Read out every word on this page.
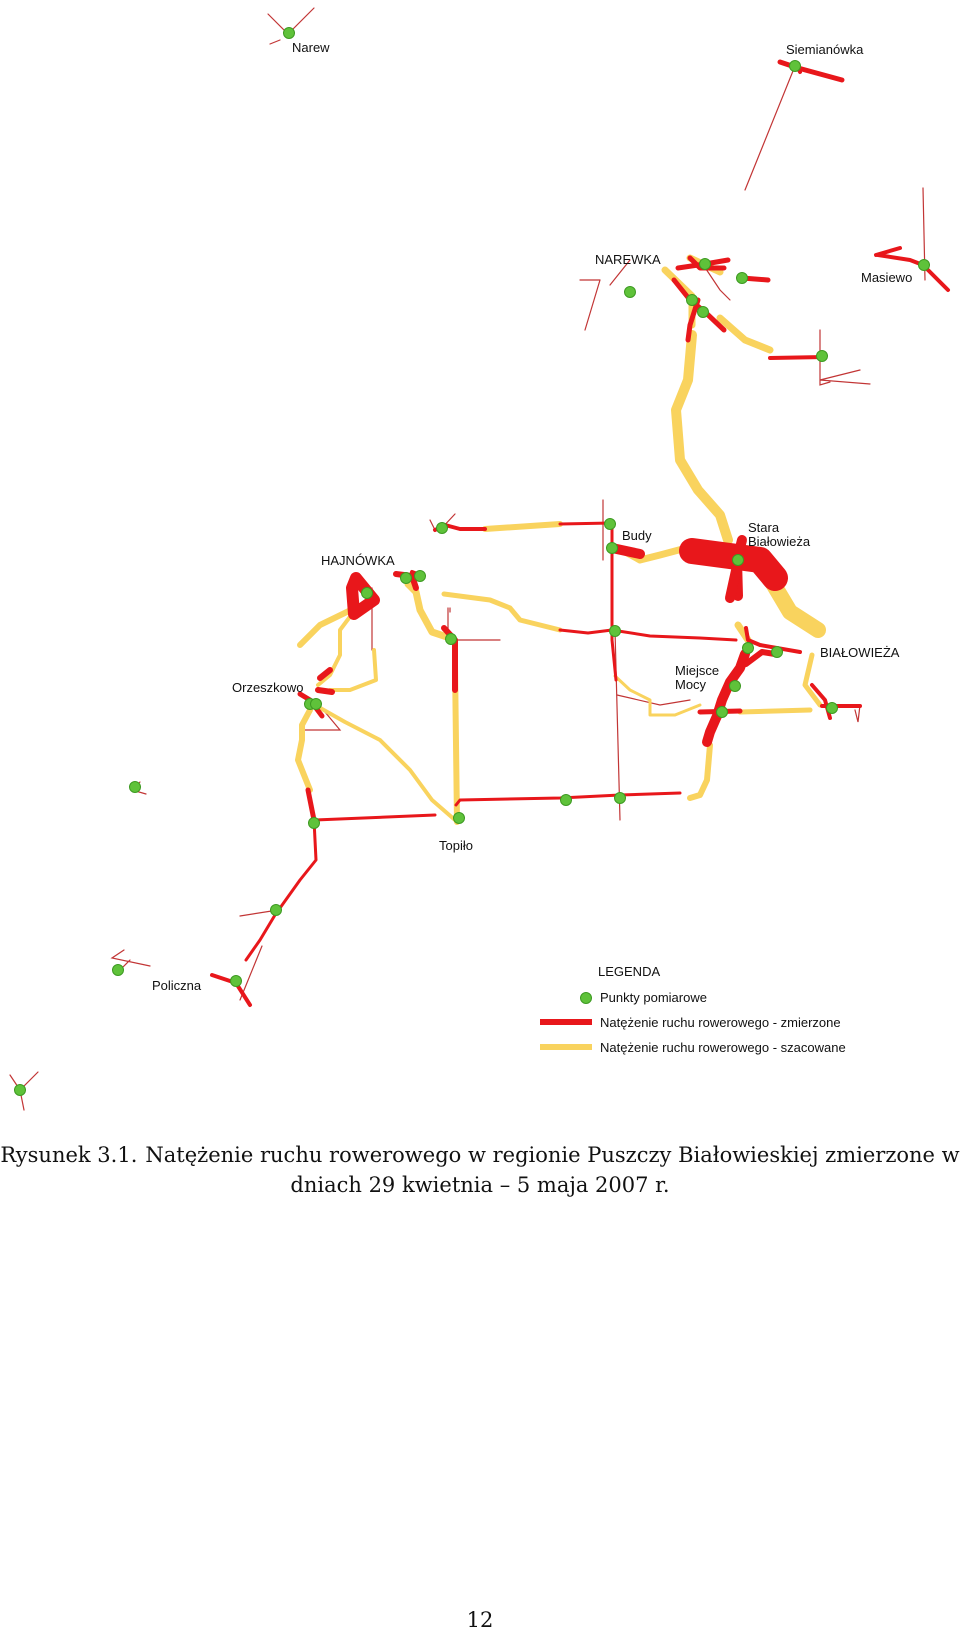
Narew	Siemianówka
NAREWKA
Masiewo
Budy
Stara
Białowieża
HAJNÓWKA
Orzeszkowo
BIAŁOWIEŻA
Miejsce
Mocy
Topiło
Policzna
LEGENDA
Punkty pomiarowe
Natężenie ruchu rowerowego - zmierzone
Natężenie ruchu rowerowego - szacowane
Rysunek 3.1. Natężenie ruchu rowerowego w regionie Puszczy Białowieskiej zmierzone w dniach 29 kwietnia – 5 maja 2007 r.
12
